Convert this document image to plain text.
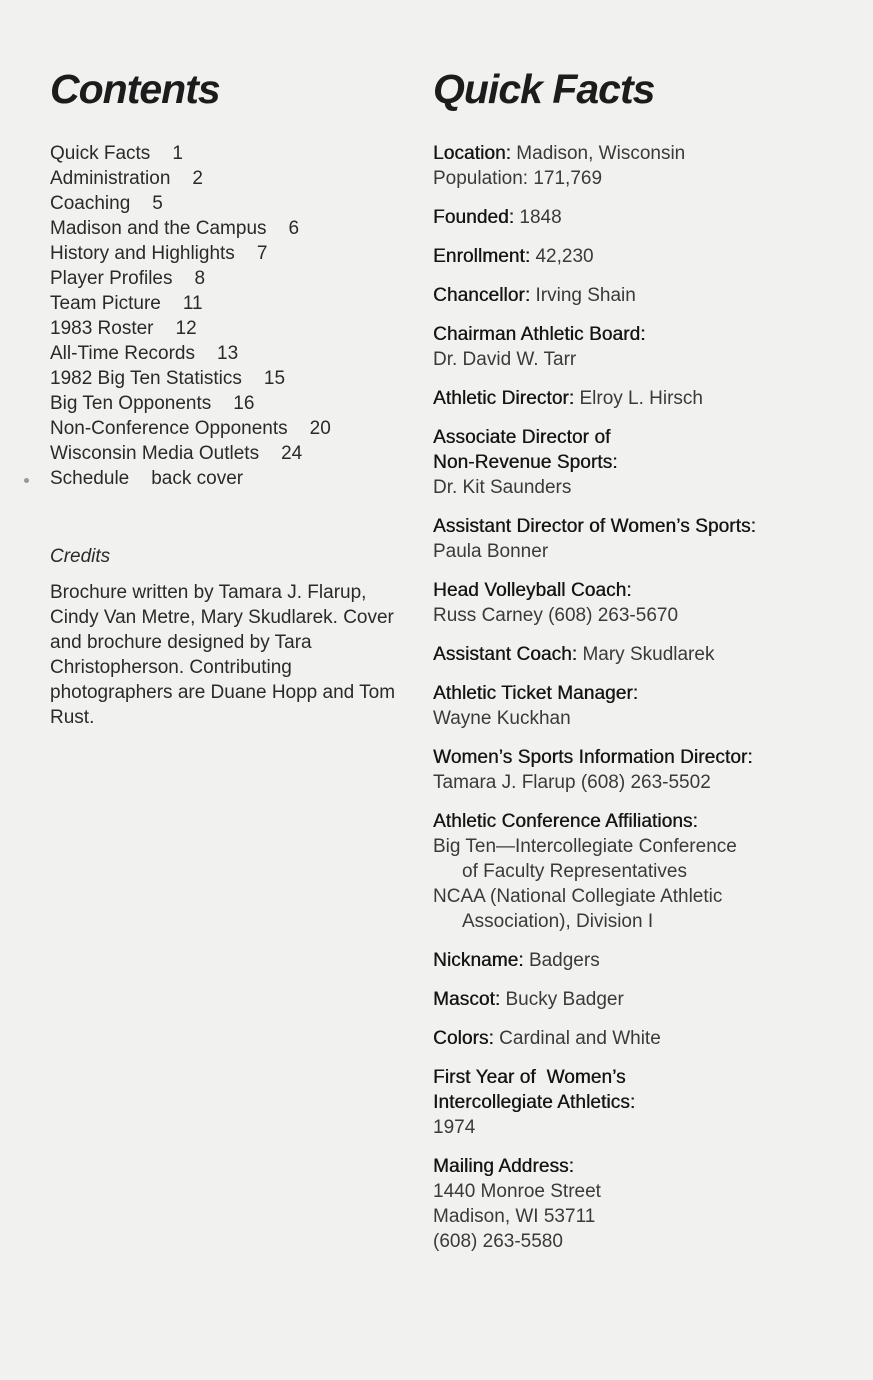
Contents
Quick Facts 1
Administration 2
Coaching 5
Madison and the Campus 6
History and Highlights 7
Player Profiles 8
Team Picture 11
1983 Roster 12
All-Time Records 13
1982 Big Ten Statistics 15
Big Ten Opponents 16
Non-Conference Opponents 20
Wisconsin Media Outlets 24
Schedule back cover
Credits
Brochure written by Tamara J. Flarup, Cindy Van Metre, Mary Skudlarek. Cover and brochure designed by Tara Christopherson. Contributing photographers are Duane Hopp and Tom Rust.
Quick Facts
Location: Madison, Wisconsin
Population: 171,769
Founded: 1848
Enrollment: 42,230
Chancellor: Irving Shain
Chairman Athletic Board:
Dr. David W. Tarr
Athletic Director: Elroy L. Hirsch
Associate Director of
Non-Revenue Sports:
Dr. Kit Saunders
Assistant Director of Women’s Sports:
Paula Bonner
Head Volleyball Coach:
Russ Carney (608) 263-5670
Assistant Coach: Mary Skudlarek
Athletic Ticket Manager:
Wayne Kuckhan
Women’s Sports Information Director:
Tamara J. Flarup (608) 263-5502
Athletic Conference Affiliations:
Big Ten—Intercollegiate Conference
of Faculty Representatives
NCAA (National Collegiate Athletic
Association), Division I
Nickname: Badgers
Mascot: Bucky Badger
Colors: Cardinal and White
First Year of  Women’s
Intercollegiate Athletics:
1974
Mailing Address:
1440 Monroe Street
Madison, WI 53711
(608) 263-5580
